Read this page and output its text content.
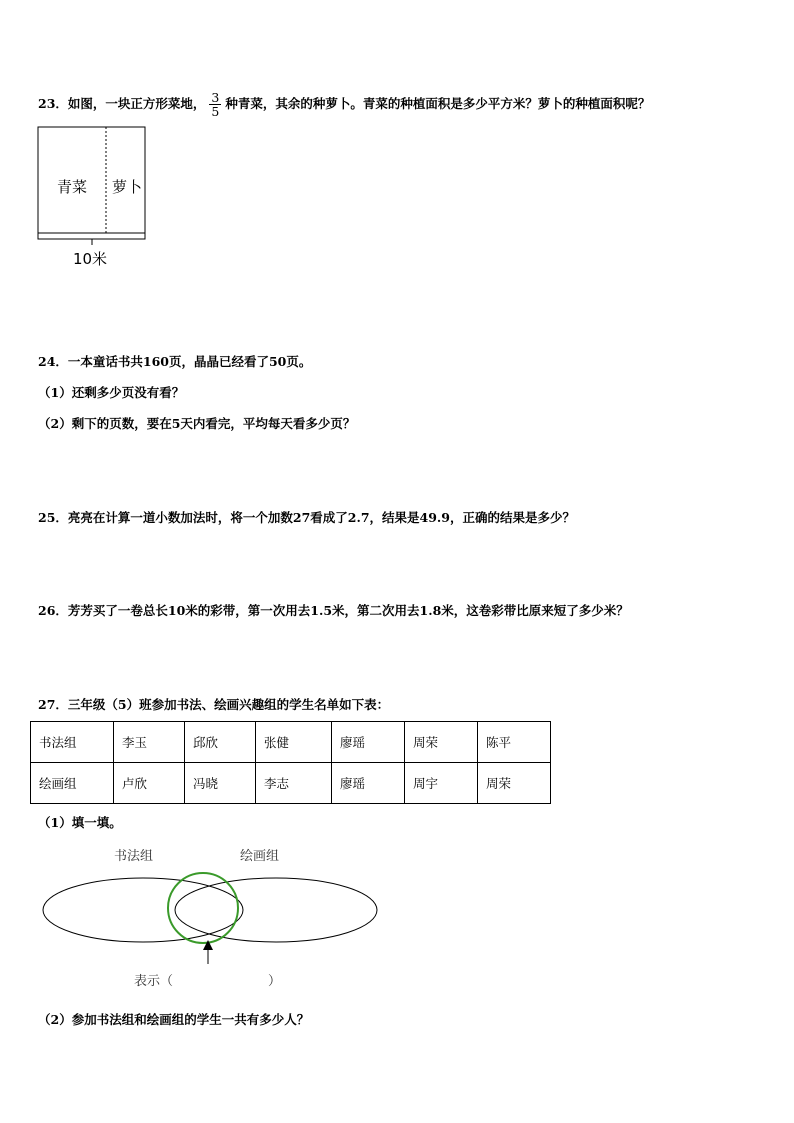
23．如图，一块正方形菜地， $\frac{3}{5}$ 种青菜，其余的种萝卜。青菜的种植面积是多少平方米？萝卜的种植面积呢？
青菜 萝卜
10米
24．一本童话书共160页，晶晶已经看了50页。
（1）还剩多少页没有看？
（2）剩下的页数，要在5天内看完，平均每天看多少页？
25．亮亮在计算一道小数加法时，将一个加数27看成了2.7，结果是49.9，正确的结果是多少？
26．芳芳买了一卷总长10米的彩带，第一次用去1.5米，第二次用去1.8米，这卷彩带比原来短了多少米？
27．三年级（5）班参加书法、绘画兴趣组的学生名单如下表：
书法组	李玉	邱欣	张健	廖瑶	周荣	陈平
绘画组	卢欣	冯晓	李志	廖瑶	周宇	周荣
（1）填一填。
书法组	绘画组
表示（	）
（2）参加书法组和绘画组的学生一共有多少人？
